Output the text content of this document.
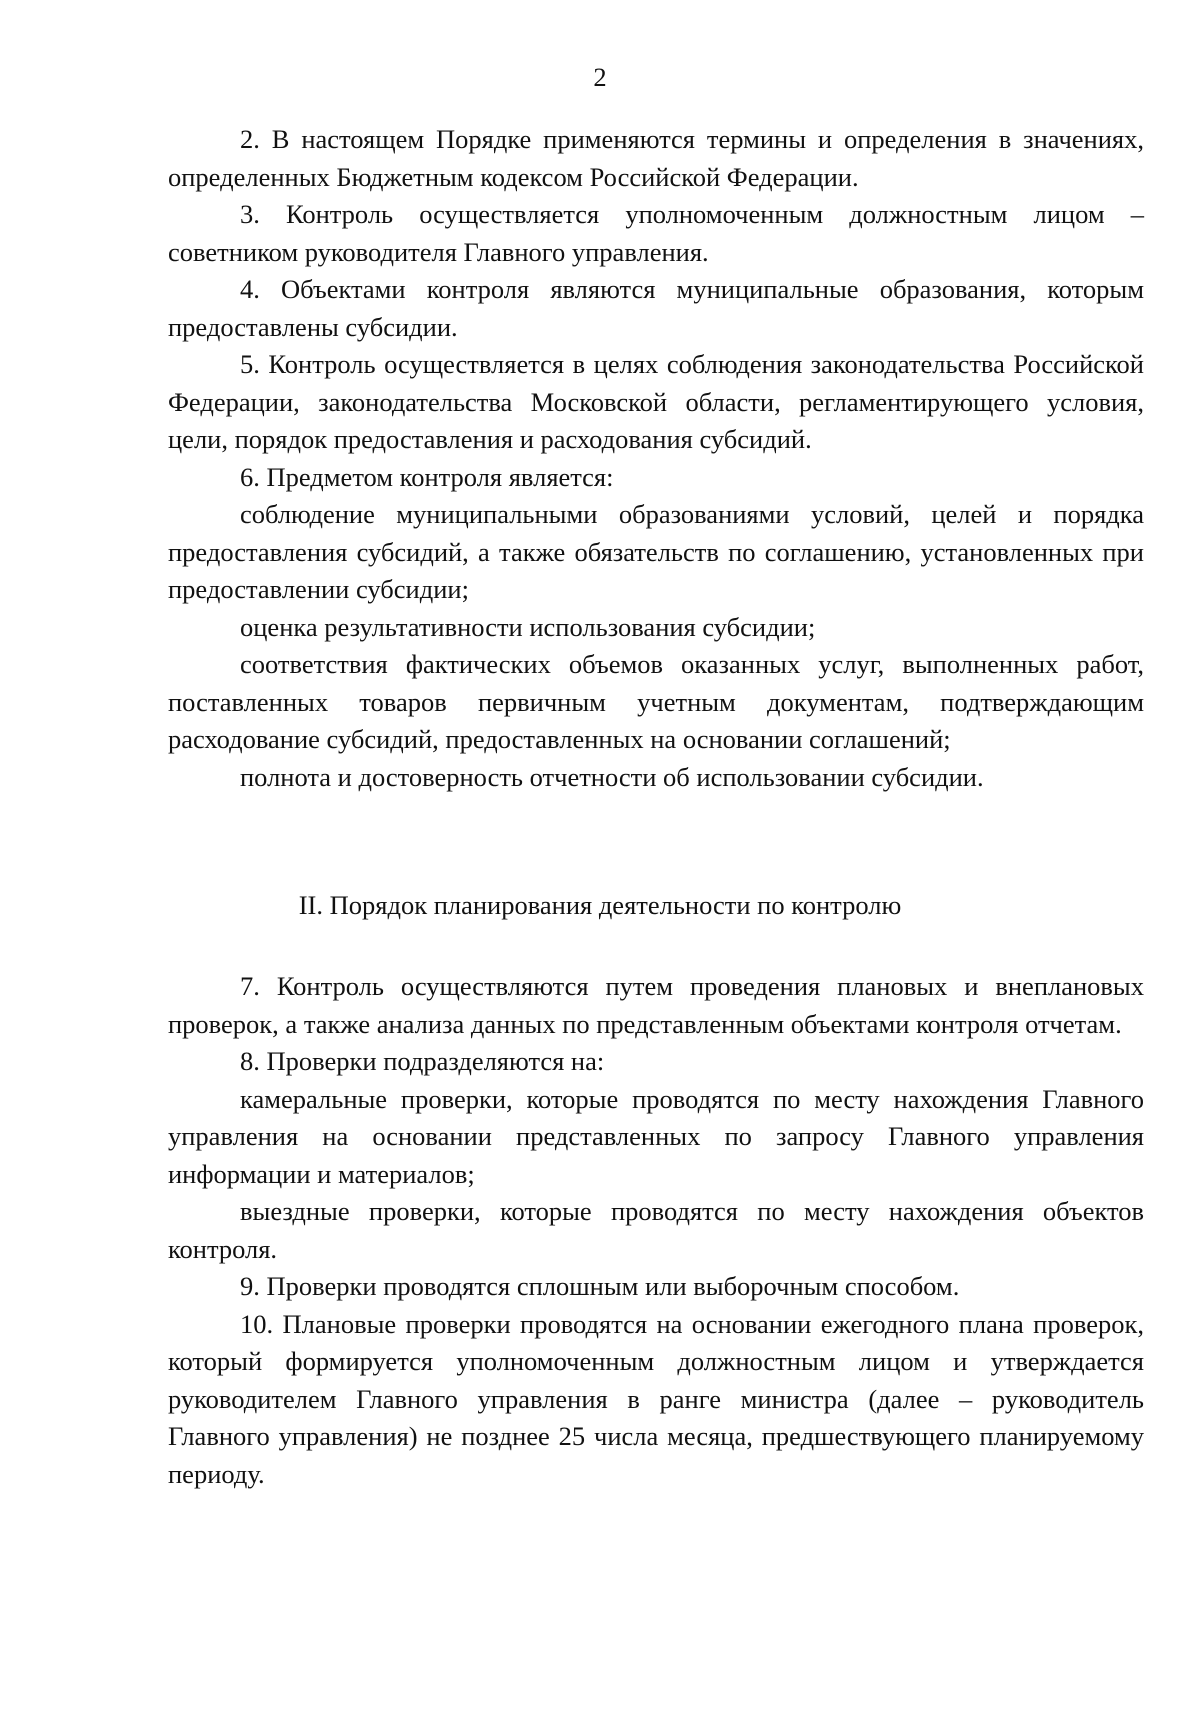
2

2. В настоящем Порядке применяются термины и определения в значениях, определенных Бюджетным кодексом Российской Федерации.

3. Контроль осуществляется уполномоченным должностным лицом – советником руководителя Главного управления.

4. Объектами контроля являются муниципальные образования, которым предоставлены субсидии.

5. Контроль осуществляется в целях соблюдения законодательства Российской Федерации, законодательства Московской области, регламентирующего условия, цели, порядок предоставления и расходования субсидий.

6. Предметом контроля является:

соблюдение муниципальными образованиями условий, целей и порядка предоставления субсидий, а также обязательств по соглашению, установленных при предоставлении субсидии;

оценка результативности использования субсидии;

соответствия фактических объемов оказанных услуг, выполненных работ, поставленных товаров первичным учетным документам, подтверждающим расходование субсидий, предоставленных на основании соглашений;

полнота и достоверность отчетности об использовании субсидии.

II. Порядок планирования деятельности по контролю

7. Контроль осуществляются путем проведения плановых и внеплановых проверок, а также анализа данных по представленным объектами контроля отчетам.

8. Проверки подразделяются на:

камеральные проверки, которые проводятся по месту нахождения Главного управления на основании представленных по запросу Главного управления информации и материалов;

выездные проверки, которые проводятся по месту нахождения объектов контроля.

9. Проверки проводятся сплошным или выборочным способом.

10. Плановые проверки проводятся на основании ежегодного плана проверок, который формируется уполномоченным должностным лицом и утверждается руководителем Главного управления в ранге министра (далее – руководитель Главного управления) не позднее 25 числа месяца, предшествующего планируемому периоду.
